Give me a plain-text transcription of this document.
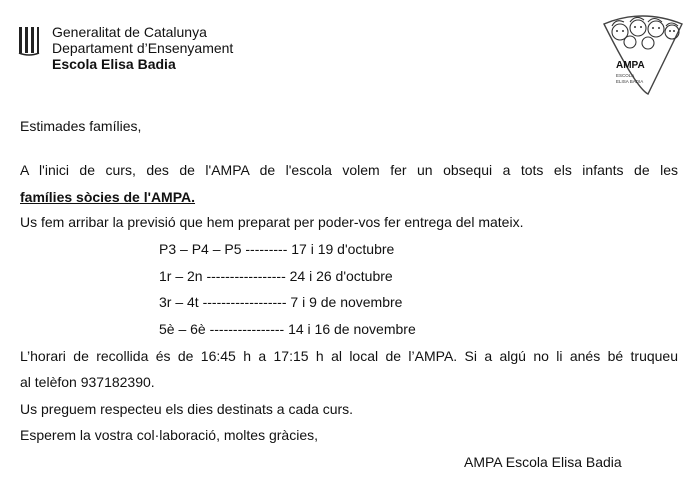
Generalitat de Catalunya
Departament d’Ensenyament
Escola Elisa Badia	AMPA
ESCOLA
ELISA BADIA
Estimades famílies,
A l'inici de curs, des de l'AMPA de l'escola volem fer un obsequi a tots els infants de les
famílies sòcies de l'AMPA.
Us fem arribar la previsió que hem preparat per poder-vos fer entrega del mateix.
P3 – P4 – P5 --------- 17 i 19 d'octubre
1r – 2n ----------------- 24 i 26 d'octubre
3r – 4t ------------------ 7 i 9 de novembre
5è – 6è ---------------- 14 i 16 de novembre
L’horari de recollida és de 16:45 h a 17:15 h al local de l’AMPA. Si a algú no li anés bé truqueu
al telèfon 937182390.
Us preguem respecteu els dies destinats a cada curs.
Esperem la vostra col·laboració, moltes gràcies,
AMPA Escola Elisa Badia
